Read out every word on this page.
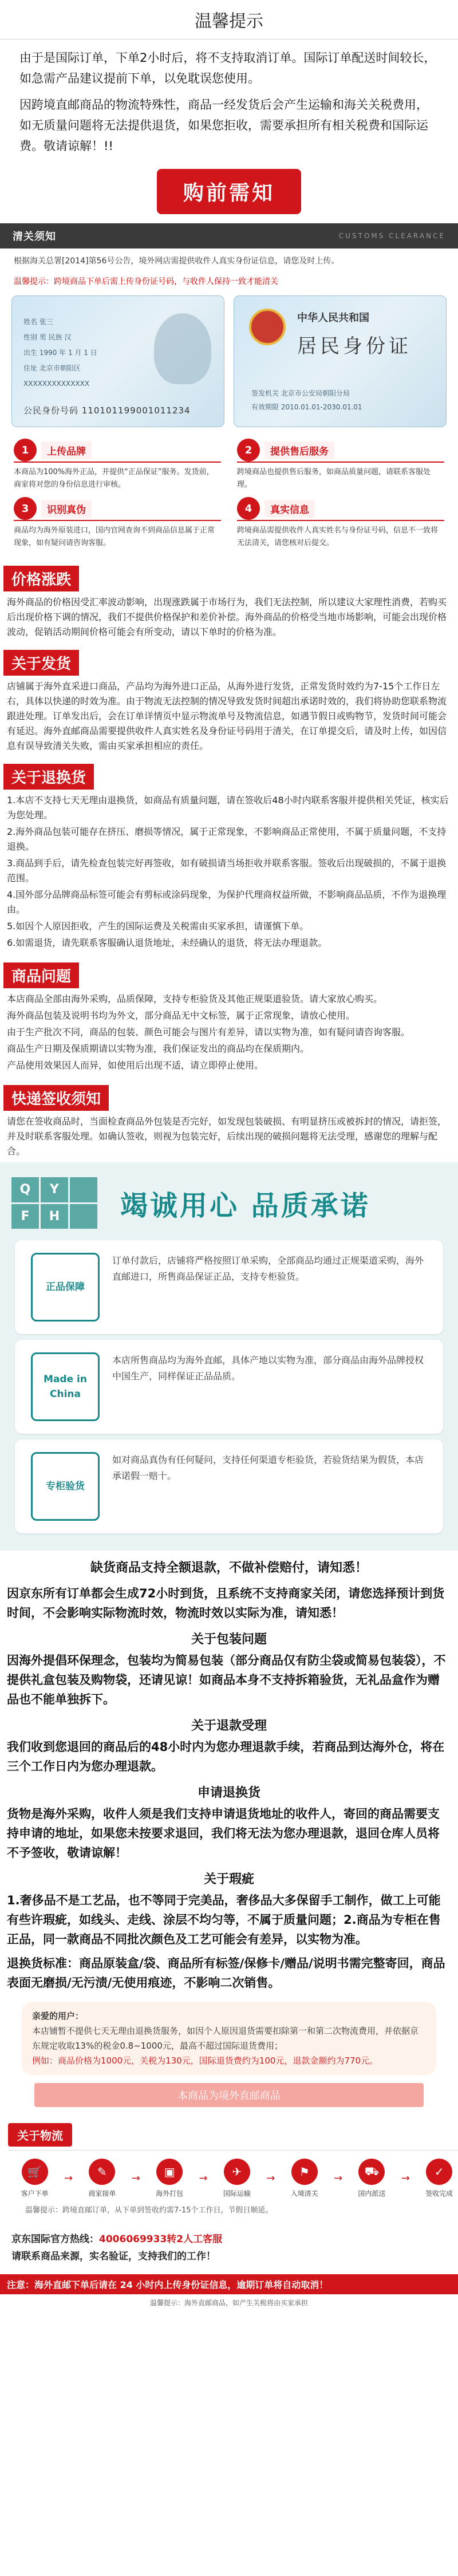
温馨提示

由于是国际订单，下单2小时后，将不支持取消订单。国际订单配送时间较长，如急需产品建议提前下单，以免耽误您使用。

因跨境直邮商品的物流特殊性，商品一经发货后会产生运输和海关关税费用，如无质量问题将无法提供退货，如果您拒收，需要承担所有相关税费和国际运费。敬请谅解！!!

购前需知
清关须知	CUSTOMS CLEARANCE
根据海关总署[2014]第56号公告，境外网店需提供收件人真实身份证信息，请您及时上传。
温馨提示：跨境商品下单后需上传身份证号码，与收件人保持一致才能清关
姓名 张三
性别 男 民族 汉
出生 1990 年 1 月 1 日
住址 北京市朝阳区
XXXXXXXXXXXXXX
公民身份号码 110101199001011234
中华人民共和国
居民身份证
签发机关 北京市公安局朝阳分局
有效期限 2010.01.01-2030.01.01
1	上传品牌
本商品为100%海外正品，并提供“正品保证”服务。发货前，商家将对您的身份信息进行审核。
2	提供售后服务
跨境商品也提供售后服务，如商品质量问题，请联系客服处理。
3	识别真伪
商品均为海外原装进口，国内官网查询不到商品信息属于正常现象，如有疑问请咨询客服。
4	真实信息
跨境商品需提供收件人真实姓名与身份证号码，信息不一致将无法清关，请您核对后提交。
价格涨跌
海外商品的价格因受汇率波动影响，出现涨跌属于市场行为，我们无法控制，所以建议大家理性消费，若购买后出现价格下调的情况，我们不提供价格保护和差价补偿。海外商品的价格受当地市场影响，可能会出现价格波动，促销活动期间价格可能会有所变动，请以下单时的价格为准。
关于发货
店铺属于海外直采进口商品，产品均为海外进口正品，从海外进行发货，正常发货时效约为7-15个工作日左右，具体以快递的时效为准。由于物流无法控制的情况导致发货时间超出承诺时效的，我们将协助您联系物流跟进处理。订单发出后，会在订单详情页中显示物流单号及物流信息，如遇节假日或购物节，发货时间可能会有延迟。海外直邮商品需要提供收件人真实姓名及身份证号码用于清关，在订单提交后，请及时上传，如因信息有误导致清关失败，需由买家承担相应的责任。
关于退换货

1.本店不支持七天无理由退换货，如商品有质量问题，请在签收后48小时内联系客服并提供相关凭证，核实后为您处理。

2.海外商品包装可能存在挤压、磨损等情况，属于正常现象，不影响商品正常使用，不属于质量问题，不支持退换。

3.商品到手后，请先检查包装完好再签收，如有破损请当场拒收并联系客服。签收后出现破损的，不属于退换范围。

4.国外部分品牌商品标签可能会有剪标或涂码现象，为保护代理商权益所做，不影响商品品质，不作为退换理由。

5.如因个人原因拒收，产生的国际运费及关税需由买家承担，请谨慎下单。

6.如需退货，请先联系客服确认退货地址，未经确认的退货，将无法办理退款。

商品问题

本店商品全部由海外采购，品质保障，支持专柜验货及其他正规渠道验货。请大家放心购买。

海外商品包装及说明书均为外文，部分商品无中文标签，属于正常现象，请放心使用。

由于生产批次不同，商品的包装、颜色可能会与图片有差异，请以实物为准，如有疑问请咨询客服。

商品生产日期及保质期请以实物为准，我们保证发出的商品均在保质期内。

产品使用效果因人而异，如使用后出现不适，请立即停止使用。

快递签收须知
请您在签收商品时，当面检查商品外包装是否完好，如发现包装破损、有明显挤压或被拆封的情况，请拒签，并及时联系客服处理。如确认签收，则视为包装完好，后续出现的破损问题将无法受理，感谢您的理解与配合。
Q	Y
F	H	竭诚用心 品质承诺
正品保障
订单付款后，店铺将严格按照订单采购，全部商品均通过正规渠道采购，海外直邮进口，所售商品保证正品，支持专柜验货。
Made in China
本店所售商品均为海外直邮，具体产地以实物为准，部分商品由海外品牌授权中国生产，同样保证正品品质。
专柜验货
如对商品真伪有任何疑问，支持任何渠道专柜验货，若验货结果为假货，本店承诺假一赔十。
缺货商品支持全额退款，不做补偿赔付，请知悉！
因京东所有订单都会生成72小时到货，且系统不支持商家关闭，请您选择预计到货时间，不会影响实际物流时效，物流时效以实际为准，请知悉！
关于包装问题
因海外提倡环保理念，包装均为简易包装（部分商品仅有防尘袋或简易包装袋），不提供礼盒包装及购物袋，还请见谅！如商品本身不支持拆箱验货，无礼品盒作为赠品也不能单独拆下。
关于退款受理
我们收到您退回的商品后的48小时内为您办理退款手续，若商品到达海外仓，将在三个工作日内为您办理退款。
申请退换货
货物是海外采购，收件人须是我们支持申请退货地址的收件人，寄回的商品需要支持申请的地址，如果您未按要求退回，我们将无法为您办理退款，退回仓库人员将不予签收，敬请谅解！
关于瑕疵
1.奢侈品不是工艺品，也不等同于完美品，奢侈品大多保留手工制作，做工上可能有些许瑕疵，如线头、走线、涂层不均匀等，不属于质量问题；2.商品为专柜在售正品，同一款商品不同批次颜色及工艺可能会有差异，以实物为准。
退换货标准：商品原装盒/袋、商品所有标签/保修卡/赠品/说明书需完整寄回，商品表面无磨损/无污渍/无使用痕迹，不影响二次销售。
亲爱的用户：

本店铺暂不提供七天无理由退换货服务，如因个人原因退货需要扣除第一和第二次物流费用，并依据京东规定收取13%的税金0.8~1000元，最高不超过国际退货费用；

例如：商品价格为1000元，关税为130元，国际退货费约为100元，退款金额约为770元。

本商品为境外直邮商品
关于物流
🛒
客户下单
→	✎
商家接单
→	▣
海外打包
→	✈
国际运输
→	⚑
入境清关
→
⛟
国内派送
→	✓
签收完成
温馨提示：跨境直邮订单，从下单到签收约需7-15个工作日，节假日顺延。
京东国际官方热线：4006069933转2人工客服
请联系商品来源，实名验证，支持我们的工作！
注意：海外直邮下单后请在 24 小时内上传身份证信息，逾期订单将自动取消！
温馨提示：海外直邮商品，如产生关税将由买家承担
